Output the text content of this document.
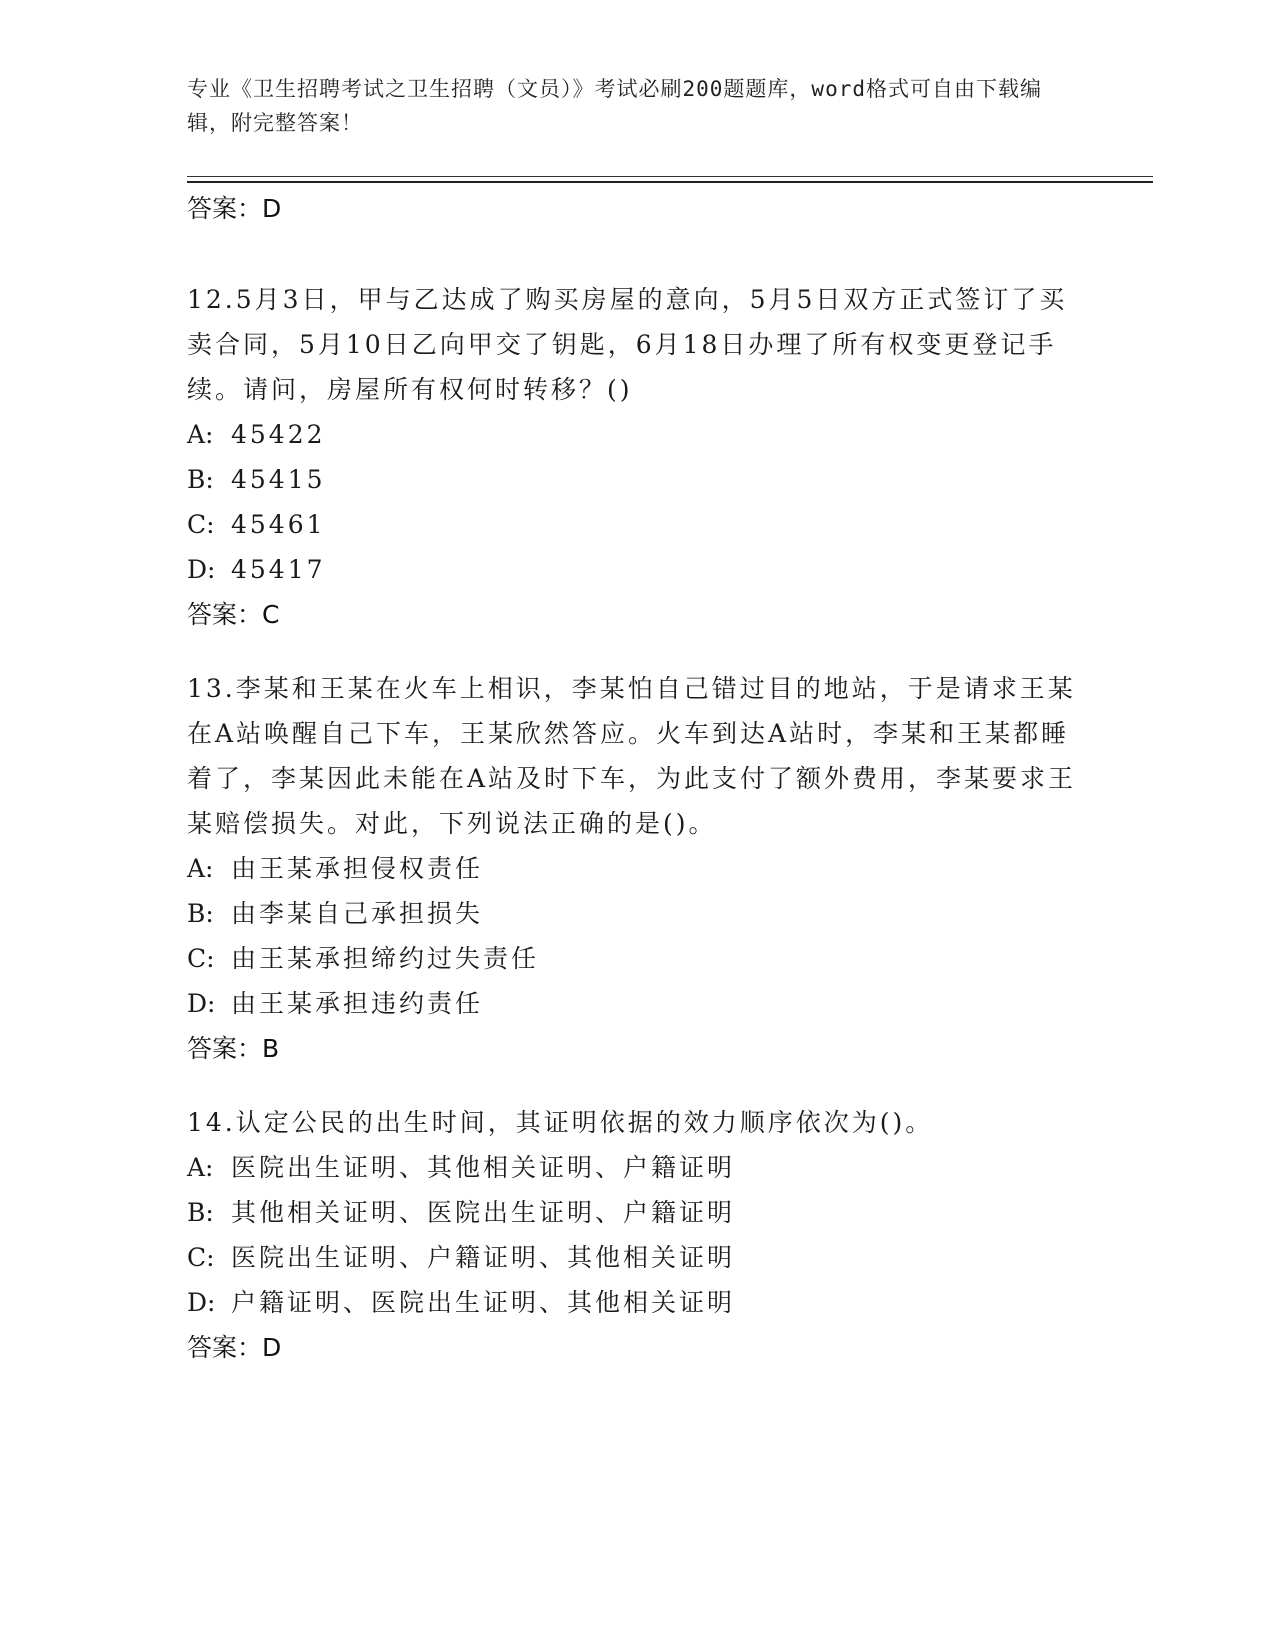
专业《卫生招聘考试之卫生招聘（文员）》考试必刷200题题库，word格式可自由下载编辑，附完整答案！
答案：D

12.5月3日，甲与乙达成了购买房屋的意向，5月5日双方正式签订了买卖合同，5月10日乙向甲交了钥匙，6月18日办理了所有权变更登记手续。请问，房屋所有权何时转移？()

A: 45422
B: 45415
C: 45461
D: 45417
答案：C

13.李某和王某在火车上相识，李某怕自己错过目的地站，于是请求王某在A站唤醒自己下车，王某欣然答应。火车到达A站时，李某和王某都睡着了，李某因此未能在A站及时下车，为此支付了额外费用，李某要求王某赔偿损失。对此，下列说法正确的是()。

A: 由王某承担侵权责任
B: 由李某自己承担损失
C: 由王某承担缔约过失责任
D: 由王某承担违约责任
答案：B

14.认定公民的出生时间，其证明依据的效力顺序依次为()。

A: 医院出生证明、其他相关证明、户籍证明
B: 其他相关证明、医院出生证明、户籍证明
C: 医院出生证明、户籍证明、其他相关证明
D: 户籍证明、医院出生证明、其他相关证明
答案：D
